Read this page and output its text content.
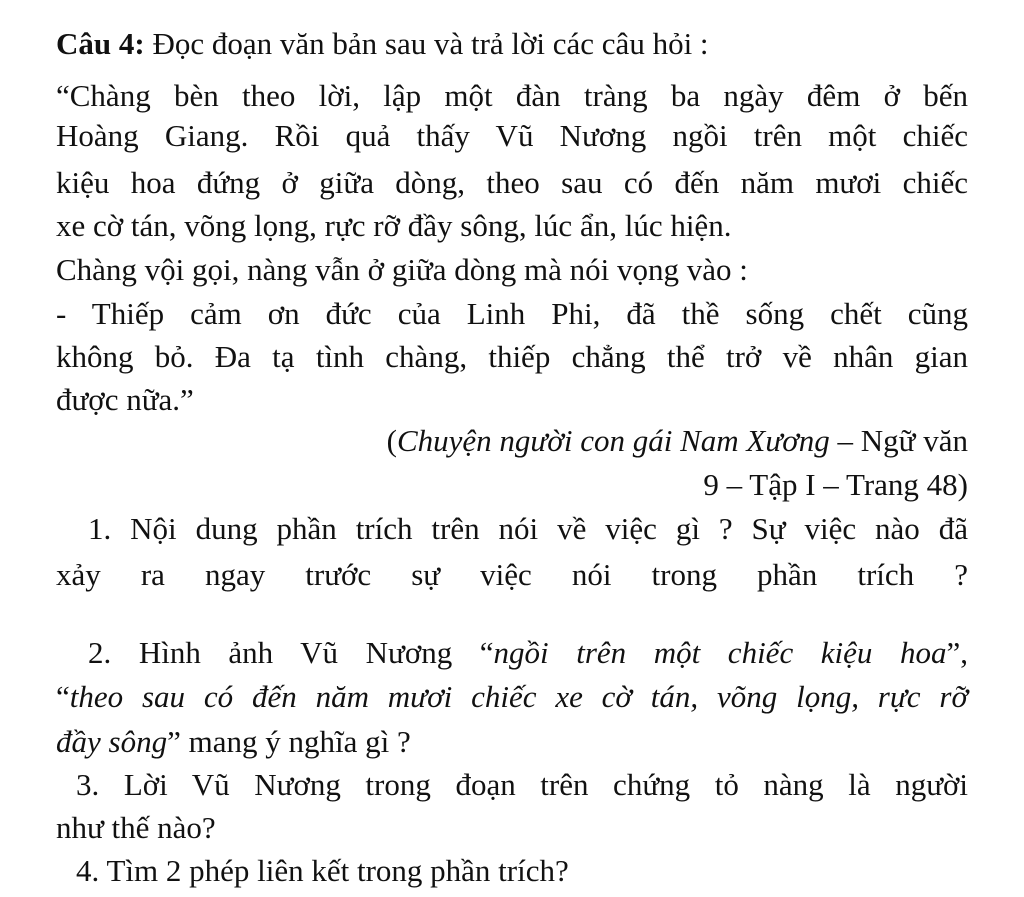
Câu 4: Đọc đoạn văn bản sau và trả lời các câu hỏi :
“Chàng bèn theo lời, lập một đàn tràng ba ngày đêm ở bến
Hoàng Giang. Rồi quả thấy Vũ Nương ngồi trên một chiếc
kiệu hoa đứng ở giữa dòng, theo sau có đến năm mươi chiếc
xe cờ tán, võng lọng, rực rỡ đầy sông, lúc ẩn, lúc hiện.
Chàng vội gọi, nàng vẫn ở giữa dòng mà nói vọng vào :
- Thiếp cảm ơn đức của Linh Phi, đã thề sống chết cũng
không bỏ. Đa tạ tình chàng, thiếp chẳng thể trở về nhân gian
được nữa.”
(Chuyện người con gái Nam Xương – Ngữ văn
9 – Tập I – Trang 48)
1. Nội dung phần trích trên nói về việc gì ? Sự việc nào đã
xảy ra ngay trước sự việc nói trong phần trích ?
2. Hình ảnh Vũ Nương “ngồi trên một chiếc kiệu hoa”,
“theo sau có đến năm mươi chiếc xe cờ tán, võng lọng, rực rỡ
đầy sông” mang ý nghĩa gì ?
3. Lời Vũ Nương trong đoạn trên chứng tỏ nàng là người
như thế nào?
4. Tìm 2 phép liên kết trong phần trích?
